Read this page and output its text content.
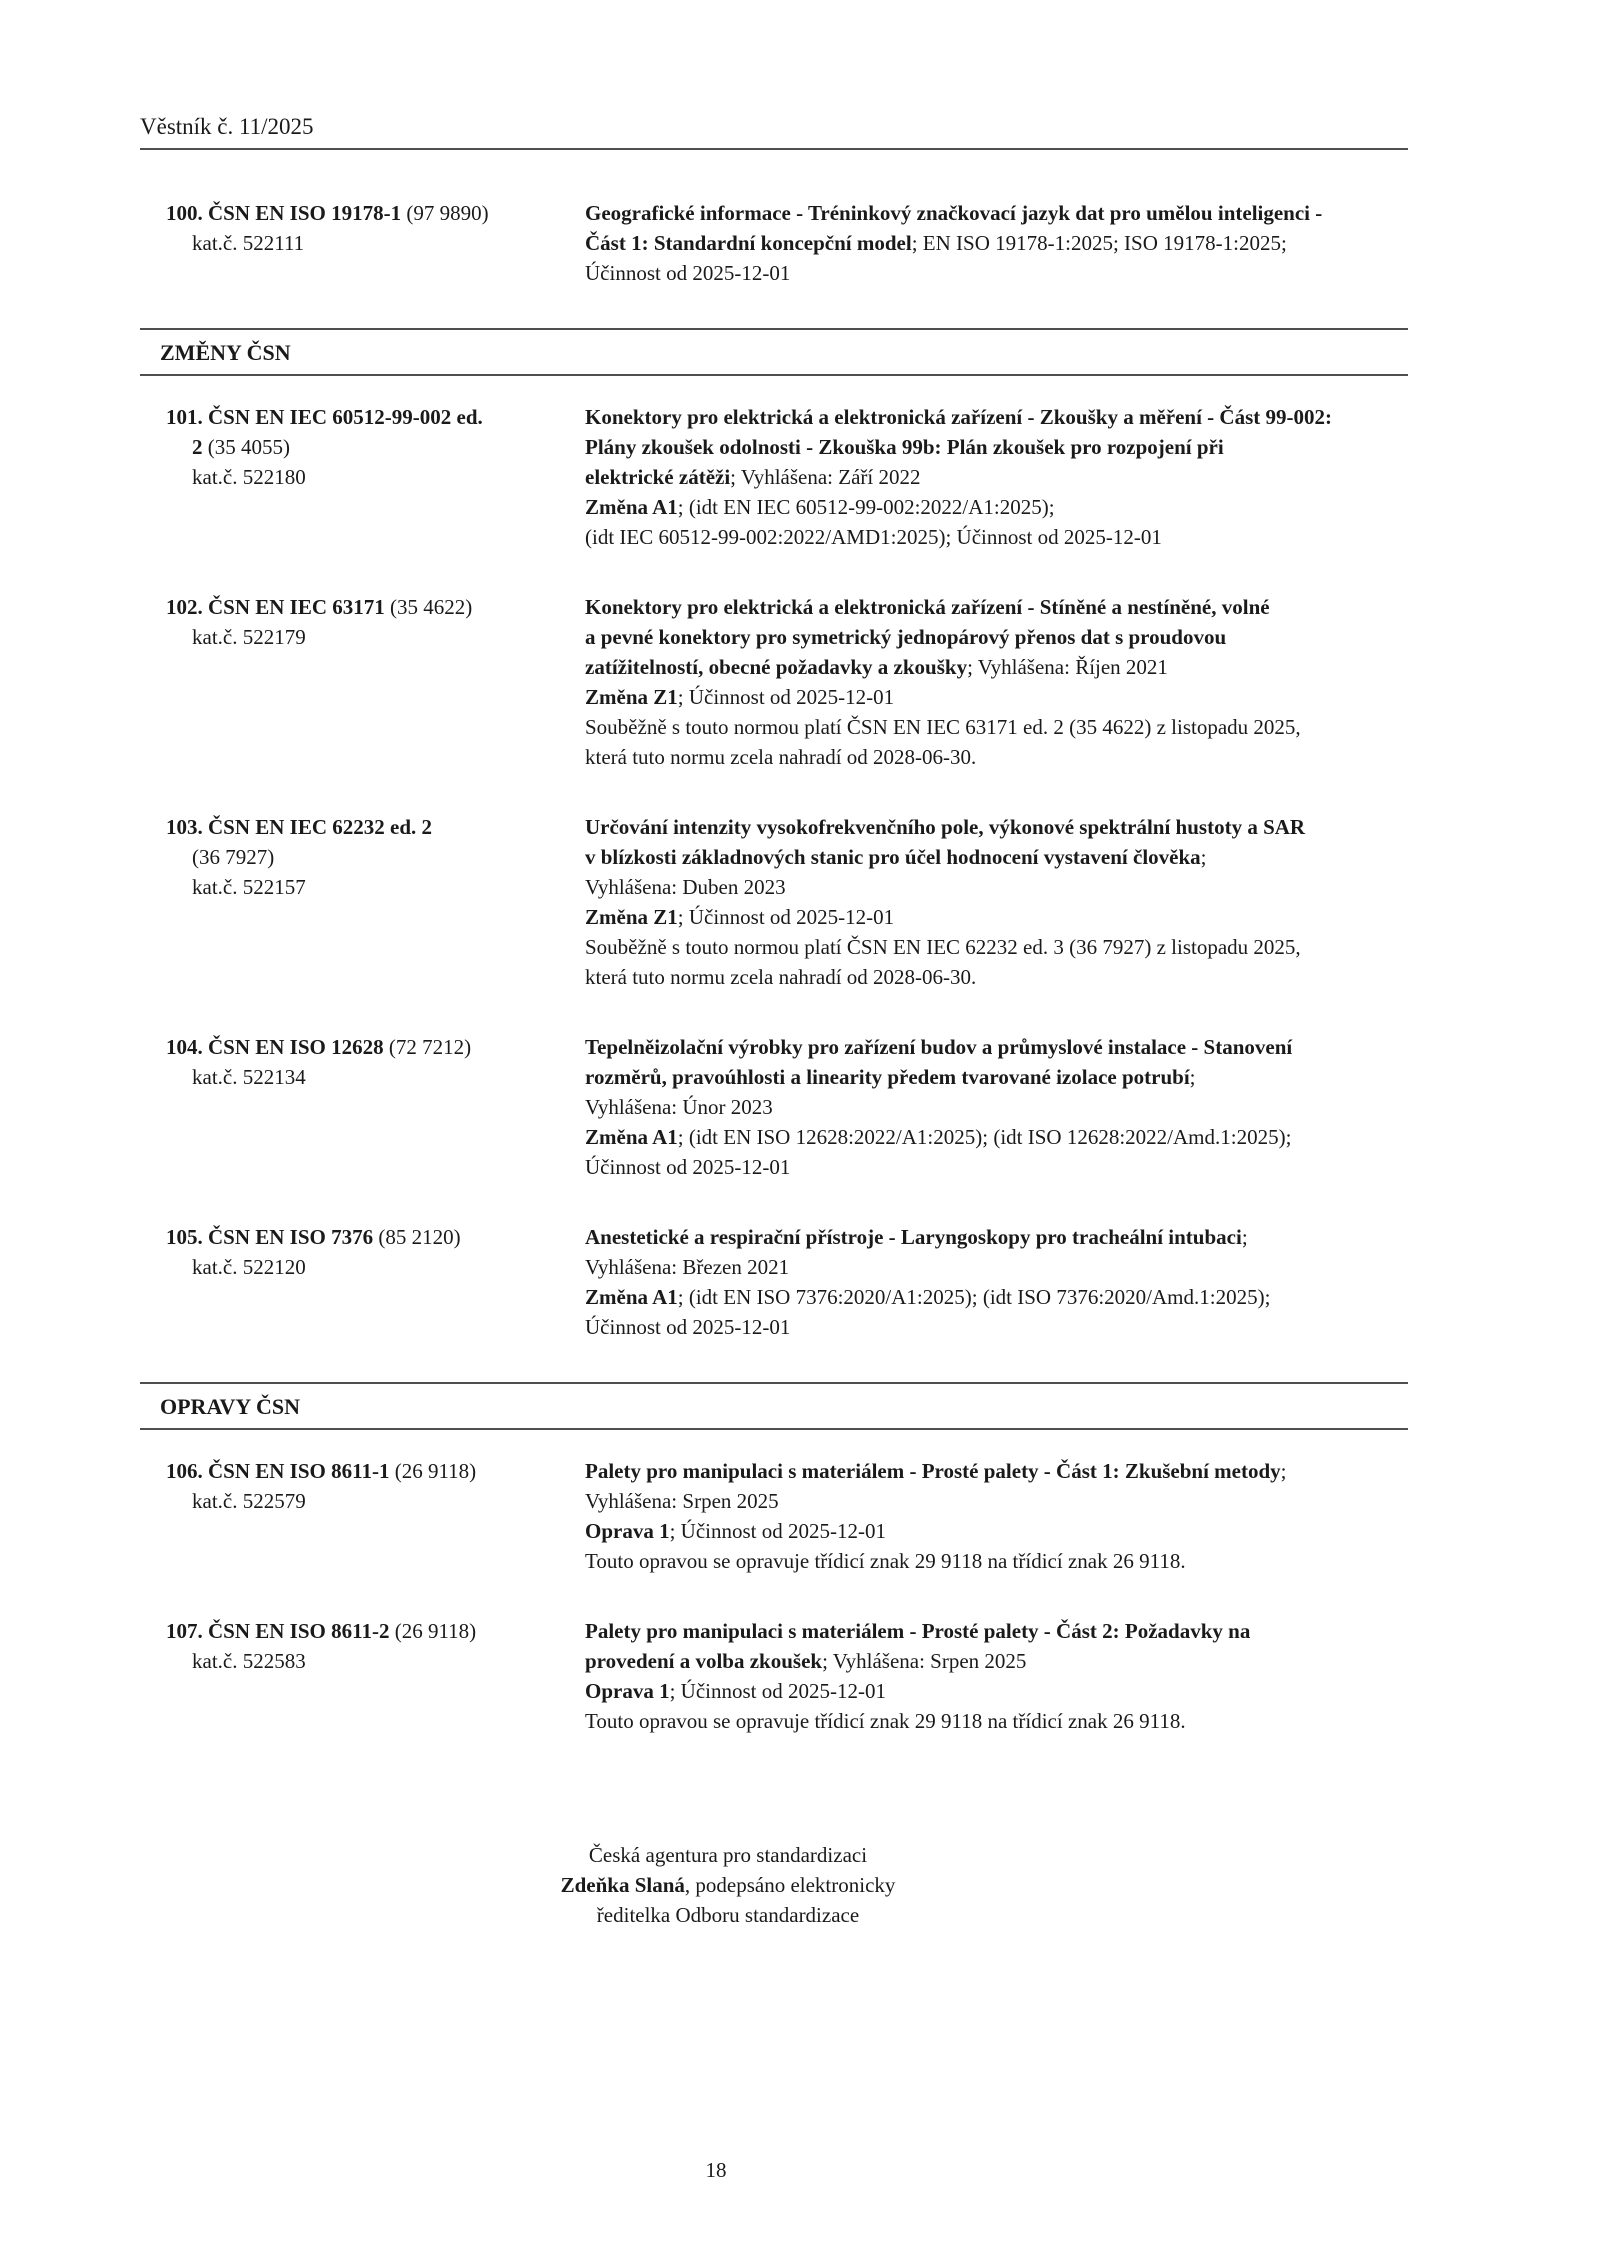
Věstník č. 11/2025
100. ČSN EN ISO 19178-1 (97 9890)
kat.č. 522111
Geografické informace - Tréninkový značkovací jazyk dat pro umělou inteligenci -
Část 1: Standardní koncepční model; EN ISO 19178-1:2025; ISO 19178-1:2025;
Účinnost od 2025-12-01
ZMĚNY ČSN
101. ČSN EN IEC 60512-99-002 ed.
2 (35 4055)
kat.č. 522180
Konektory pro elektrická a elektronická zařízení - Zkoušky a měření - Část 99-002:
Plány zkoušek odolnosti - Zkouška 99b: Plán zkoušek pro rozpojení při
elektrické zátěži; Vyhlášena: Září 2022
Změna A1; (idt EN IEC 60512-99-002:2022/A1:2025);
(idt IEC 60512-99-002:2022/AMD1:2025); Účinnost od 2025-12-01
102. ČSN EN IEC 63171 (35 4622)
kat.č. 522179
Konektory pro elektrická a elektronická zařízení - Stíněné a nestíněné, volné
a pevné konektory pro symetrický jednopárový přenos dat s proudovou
zatížitelností, obecné požadavky a zkoušky; Vyhlášena: Říjen 2021
Změna Z1; Účinnost od 2025-12-01
Souběžně s touto normou platí ČSN EN IEC 63171 ed. 2 (35 4622) z listopadu 2025,
která tuto normu zcela nahradí od 2028-06-30.
103. ČSN EN IEC 62232 ed. 2
(36 7927)
kat.č. 522157
Určování intenzity vysokofrekvenčního pole, výkonové spektrální hustoty a SAR
v blízkosti základnových stanic pro účel hodnocení vystavení člověka;
Vyhlášena: Duben 2023
Změna Z1; Účinnost od 2025-12-01
Souběžně s touto normou platí ČSN EN IEC 62232 ed. 3 (36 7927) z listopadu 2025,
která tuto normu zcela nahradí od 2028-06-30.
104. ČSN EN ISO 12628 (72 7212)
kat.č. 522134
Tepelněizolační výrobky pro zařízení budov a průmyslové instalace - Stanovení
rozměrů, pravoúhlosti a linearity předem tvarované izolace potrubí;
Vyhlášena: Únor 2023
Změna A1; (idt EN ISO 12628:2022/A1:2025); (idt ISO 12628:2022/Amd.1:2025);
Účinnost od 2025-12-01
105. ČSN EN ISO 7376 (85 2120)
kat.č. 522120
Anestetické a respirační přístroje - Laryngoskopy pro tracheální intubaci;
Vyhlášena: Březen 2021
Změna A1; (idt EN ISO 7376:2020/A1:2025); (idt ISO 7376:2020/Amd.1:2025);
Účinnost od 2025-12-01
OPRAVY ČSN
106. ČSN EN ISO 8611-1 (26 9118)
kat.č. 522579
Palety pro manipulaci s materiálem - Prosté palety - Část 1: Zkušební metody;
Vyhlášena: Srpen 2025
Oprava 1; Účinnost od 2025-12-01
Touto opravou se opravuje třídicí znak 29 9118 na třídicí znak 26 9118.
107. ČSN EN ISO 8611-2 (26 9118)
kat.č. 522583
Palety pro manipulaci s materiálem - Prosté palety - Část 2: Požadavky na
provedení a volba zkoušek; Vyhlášena: Srpen 2025
Oprava 1; Účinnost od 2025-12-01
Touto opravou se opravuje třídicí znak 29 9118 na třídicí znak 26 9118.
Česká agentura pro standardizaci
Zdeňka Slaná, podepsáno elektronicky
ředitelka Odboru standardizace
18
